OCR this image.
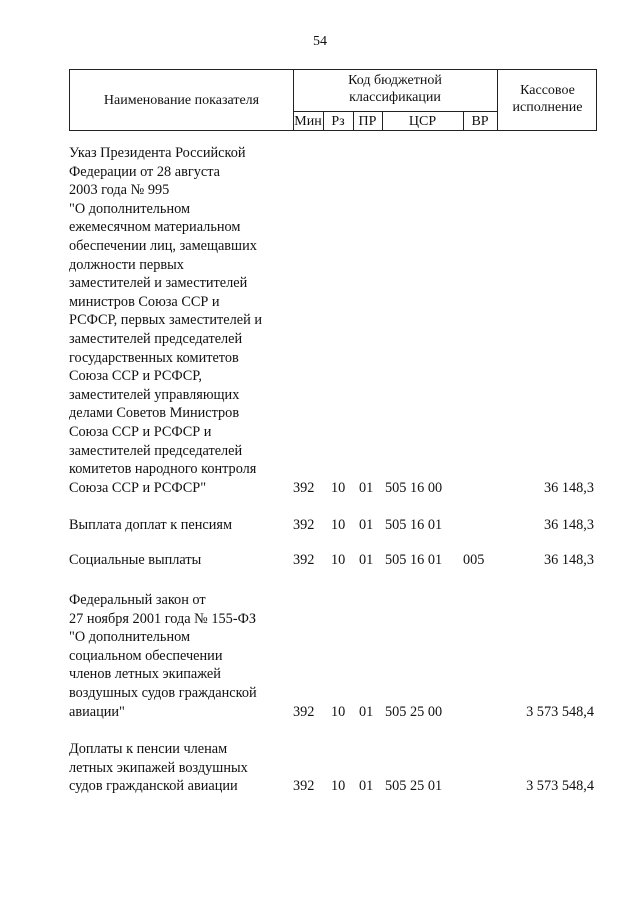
54
Наименование показателя
Код бюджетной
классификации
Мин Рз ПР	ЦСР	ВР
Кассовое
исполнение
Указ Президента Российской
Федерации от 28 августа
2003 года № 995
"О дополнительном
ежемесячном материальном
обеспечении лиц, замещавших
должности первых
заместителей и заместителей
министров Союза ССР и
РСФСР, первых заместителей и
заместителей председателей
государственных комитетов
Союза ССР и РСФСР,
заместителей управляющих
делами Советов Министров
Союза ССР и РСФСР и
заместителей председателей
комитетов народного контроля
Союза ССР и РСФСР"	392 10 01 505 16 00	36 148,3
Выплата доплат к пенсиям	392 10 01 505 16 01	36 148,3
Социальные выплаты	392 10 01 505 16 01 005	36 148,3
Федеральный закон от
27 ноября 2001 года № 155-ФЗ
"О дополнительном
социальном обеспечении
членов летных экипажей
воздушных судов гражданской
авиации"	392 10 01 505 25 00	3 573 548,4
Доплаты к пенсии членам
летных экипажей воздушных
судов гражданской авиации	392 10 01 505 25 01	3 573 548,4
